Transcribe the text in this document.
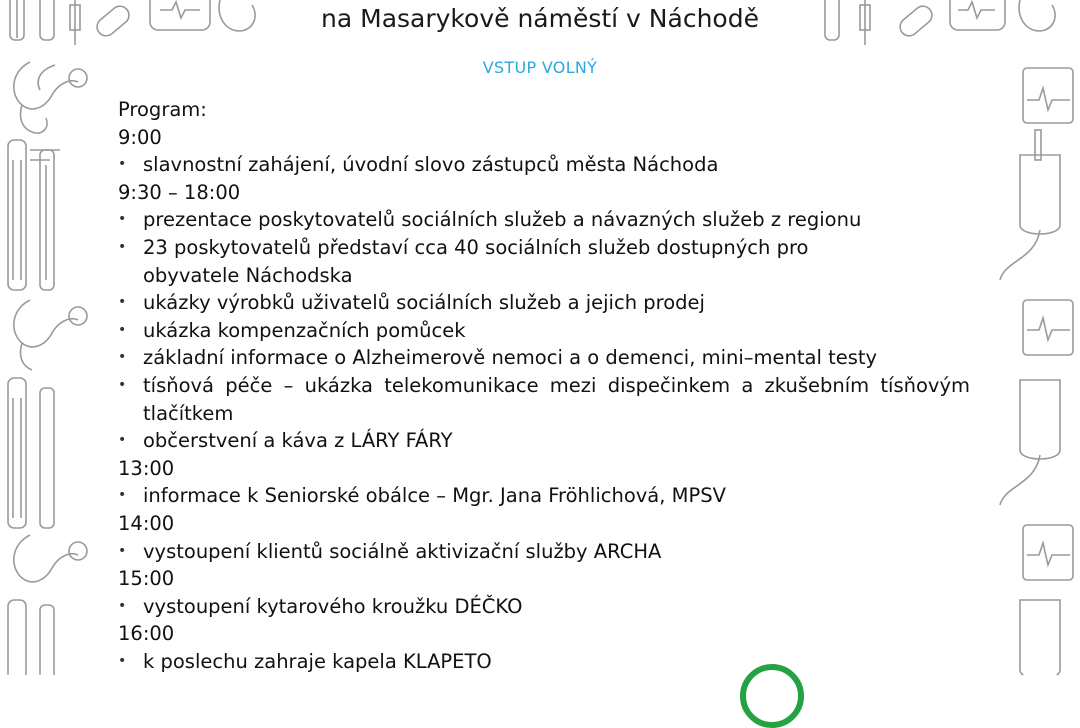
na Masarykově náměstí v Náchodě
VSTUP VOLNÝ

Program:

9:00

• slavnostní zahájení, úvodní slovo zástupců města Náchoda

9:30 – 18:00

• prezentace poskytovatelů sociálních služeb a návazných služeb z regionu

• 23 poskytovatelů představí cca 40 sociálních služeb dostupných pro obyvatele Náchodska

• ukázky výrobků uživatelů sociálních služeb a jejich prodej

• ukázka kompenzačních pomůcek

• základní informace o Alzheimerově nemoci a o demenci, mini–mental testy

• tísňová péče – ukázka telekomunikace mezi dispečinkem a zkušebním tísňovým tlačítkem

• občerstvení a káva z LÁRY FÁRY

13:00

• informace k Seniorské obálce – Mgr. Jana Fröhlichová, MPSV

14:00

• vystoupení klientů sociálně aktivizační služby ARCHA

15:00

• vystoupení kytarového kroužku DÉČKO

16:00

• k poslechu zahraje kapela KLAPETO
